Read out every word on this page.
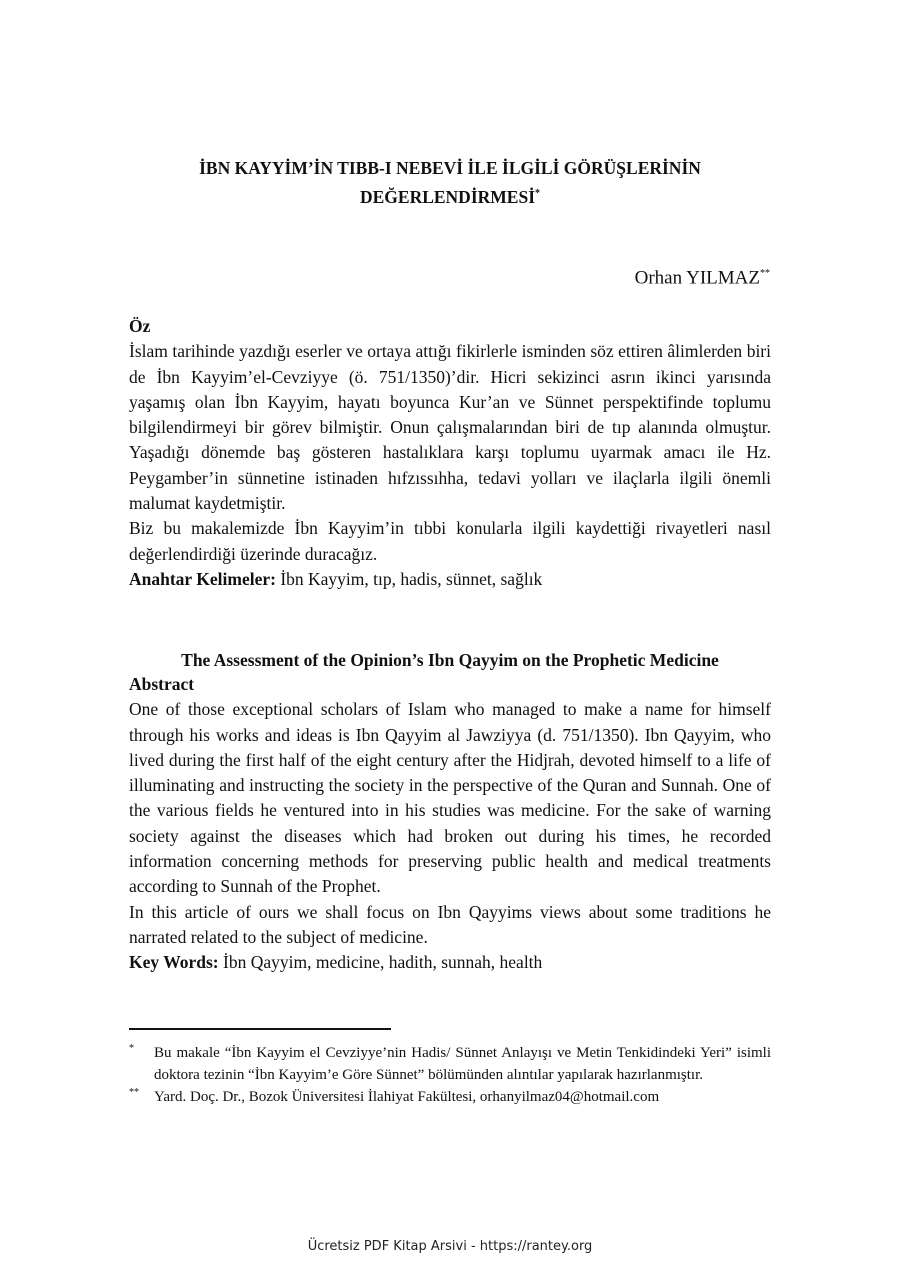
İBN KAYYİM’İN TIBB-I NEBEVİ İLE İLGİLİ GÖRÜŞLERİNİN
DEĞERLENDİRMESİ*
Orhan YILMAZ**

Öz

İslam tarihinde yazdığı eserler ve ortaya attığı fikirlerle isminden söz ettiren âlimlerden biri de İbn Kayyim’el-Cevziyye (ö. 751/1350)’dir. Hicri sekizinci asrın ikinci yarısında yaşamış olan İbn Kayyim, hayatı boyunca Kur’an ve Sünnet perspektifinde toplumu bilgilendirmeyi bir görev bilmiştir. Onun çalışmalarından biri de tıp alanında olmuştur. Yaşadığı dönemde baş gösteren hastalıklara karşı toplumu uyarmak amacı ile Hz. Peygamber’in sünnetine istinaden hıfzıssıhha, tedavi yolları ve ilaçlarla ilgili önemli malumat kaydetmiştir.

Biz bu makalemizde İbn Kayyim’in tıbbi konularla ilgili kaydettiği rivayetleri nasıl değerlendirdiği üzerinde duracağız.

Anahtar Kelimeler: İbn Kayyim, tıp, hadis, sünnet, sağlık

The Assessment of the Opinion’s Ibn Qayyim on the Prophetic Medicine

Abstract

One of those exceptional scholars of Islam who managed to make a name for himself through his works and ideas is Ibn Qayyim al Jawziyya (d. 751/1350). Ibn Qayyim, who lived during the first half of the eight century after the Hidjrah, devoted himself to a life of illuminating and instructing the society in the perspective of the Quran and Sunnah. One of the various fields he ventured into in his studies was medicine. For the sake of warning society against the diseases which had broken out during his times, he recorded information concerning methods for preserving public health and medical treatments according to Sunnah of the Prophet.

In this article of ours we shall focus on Ibn Qayyims views about some traditions he narrated related to the subject of medicine.

Key Words: İbn Qayyim, medicine, hadith, sunnah, health

*	Bu makale “İbn Kayyim el Cevziyye’nin Hadis/ Sünnet Anlayışı ve Metin Tenkidindeki Yeri” isimli doktora tezinin “İbn Kayyim’e Göre Sünnet” bölümünden alıntılar yapılarak hazırlanmıştır.
**	Yard. Doç. Dr., Bozok Üniversitesi İlahiyat Fakültesi, orhanyilmaz04@hotmail.com
Ücretsiz PDF Kitap Arsivi - https://rantey.org
